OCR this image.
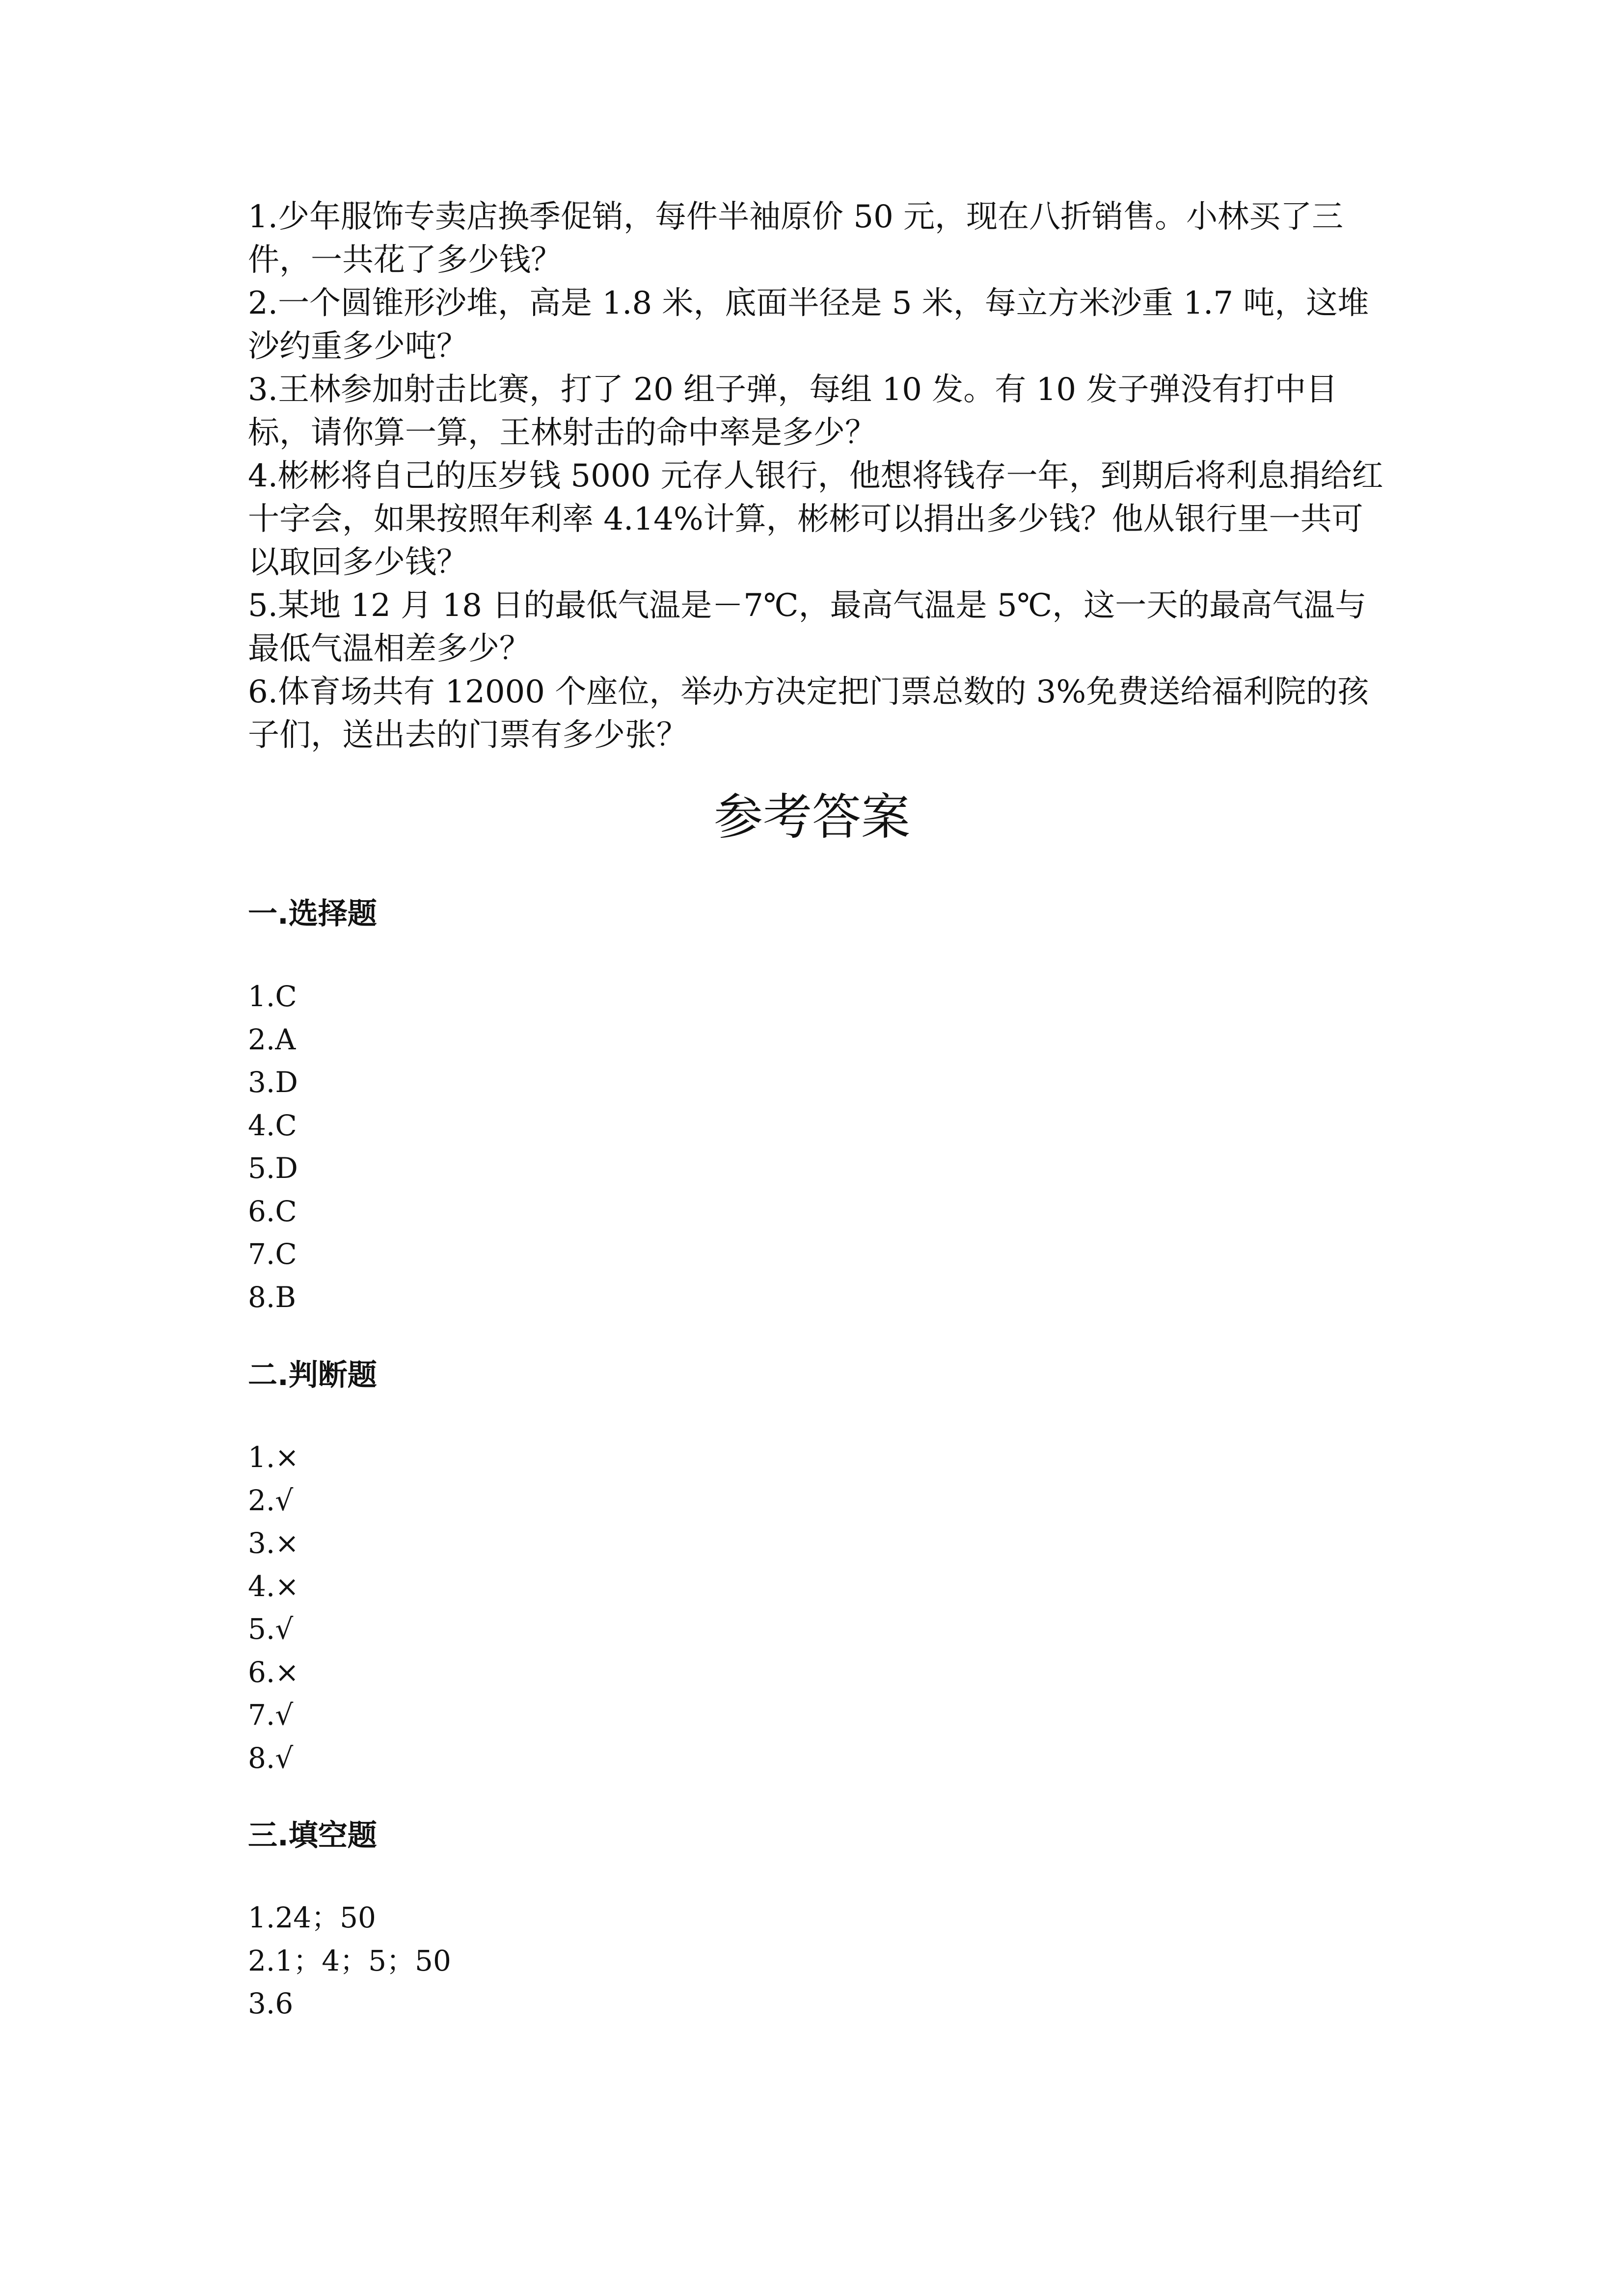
1.少年服饰专卖店换季促销，每件半袖原价 50 元，现在八折销售。小林买了三件，一共花了多少钱？

2.一个圆锥形沙堆，高是 1.8 米，底面半径是 5 米，每立方米沙重 1.7 吨，这堆沙约重多少吨？

3.王林参加射击比赛，打了 20 组子弹，每组 10 发。有 10 发子弹没有打中目标，请你算一算，王林射击的命中率是多少？

4.彬彬将自己的压岁钱 5000 元存人银行，他想将钱存一年，到期后将利息捐给红十字会，如果按照年利率 4.14%计算，彬彬可以捐出多少钱？他从银行里一共可以取回多少钱？

5.某地 12 月 18 日的最低气温是－7℃，最高气温是 5℃，这一天的最高气温与最低气温相差多少？

6.体育场共有 12000 个座位，举办方决定把门票总数的 3%免费送给福利院的孩子们，送出去的门票有多少张？

参考答案
一.选择题
1.C
2.A
3.D
4.C
5.D
6.C
7.C
8.B
二.判断题
1.×
2.√
3.×
4.×
5.√
6.×
7.√
8.√
三.填空题
1.24；50
2.1；4；5；50
3.6
